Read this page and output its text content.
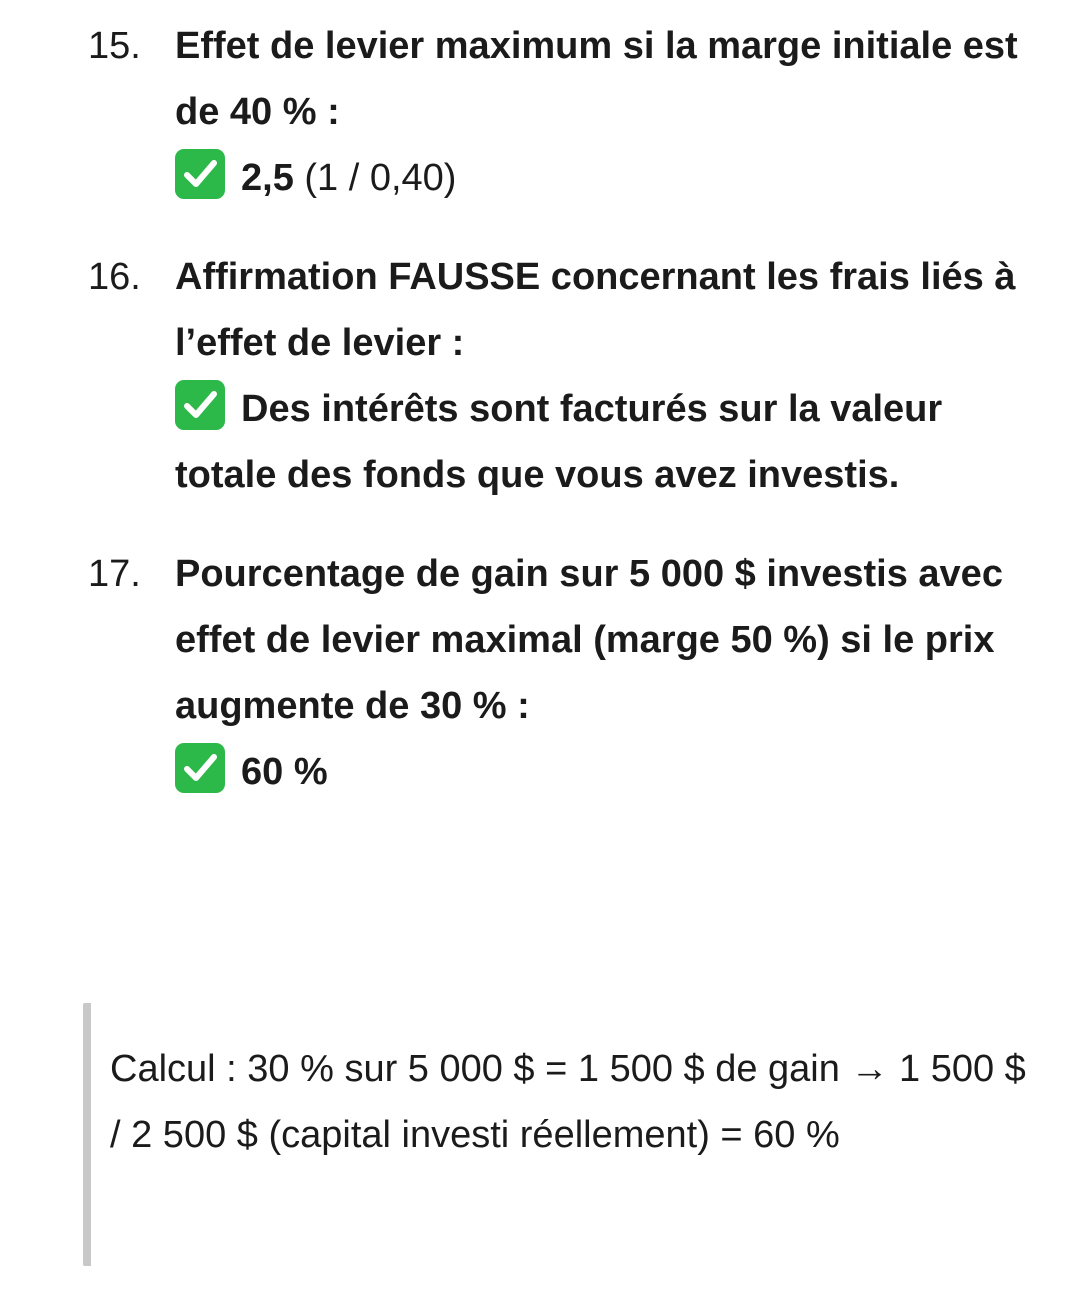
15. Effet de levier maximum si la marge initiale est de 40 % :
2,5 (1 / 0,40)
16. Affirmation FAUSSE concernant les frais liés à l’effet de levier :
Des intérêts sont facturés sur la valeur totale des fonds que vous avez investis.
17. Pourcentage de gain sur 5 000 $ investis avec effet de levier maximal (marge 50 %) si le prix augmente de 30 % :
60 %
Calcul : 30 % sur 5 000 $ = 1 500 $ de gain → 1 500 $ / 2 500 $ (capital investi réellement) = 60 %
